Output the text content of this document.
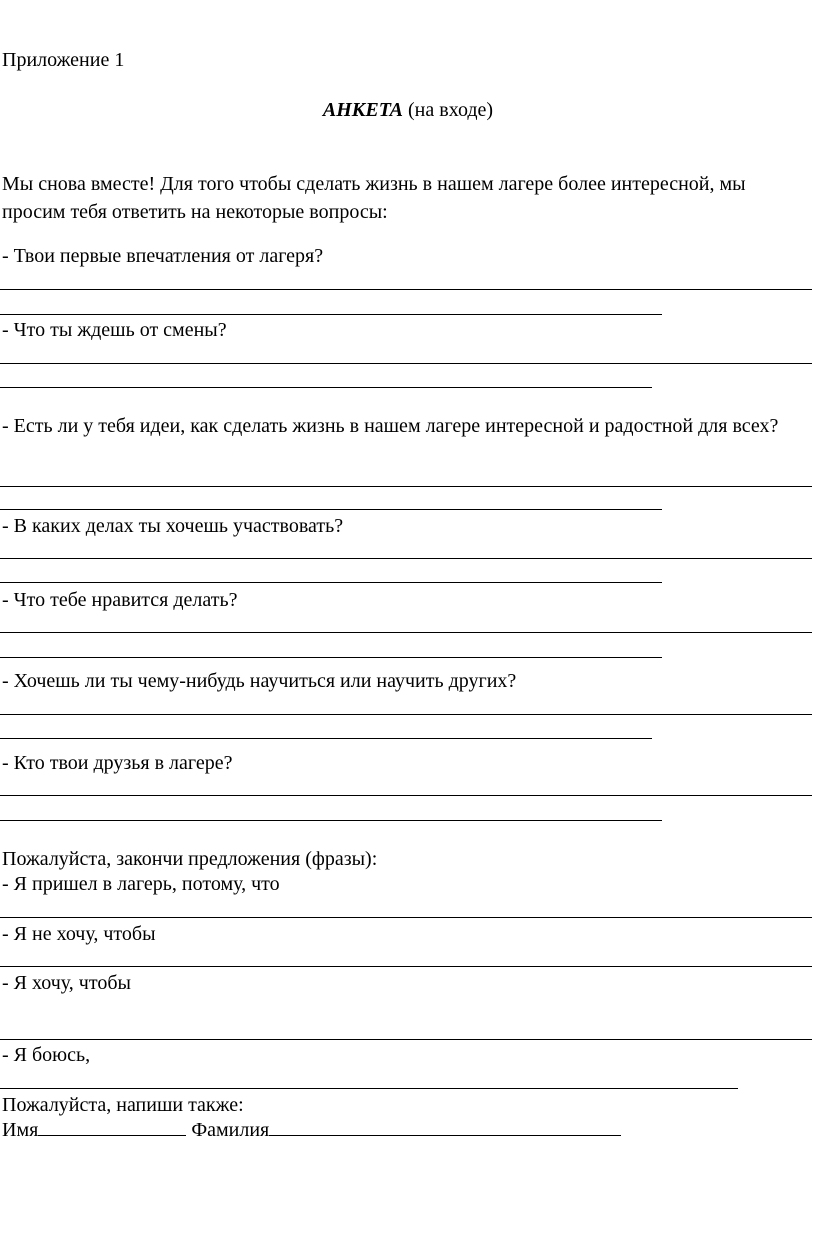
Приложение 1
АНКЕТА (на входе)
Мы снова вместе! Для того чтобы сделать жизнь в нашем лагере более интересной, мы просим тебя ответить на некоторые вопросы:
- Твои первые впечатления от лагеря?
- Что ты ждешь от смены?
- Есть ли у тебя идеи, как сделать жизнь в нашем лагере интересной и радостной для всех?
- В каких делах ты хочешь участвовать?
- Что тебе нравится делать?
- Хочешь ли ты чему-нибудь научиться или научить других?
- Кто твои друзья в лагере?
Пожалуйста, закончи предложения (фразы):
- Я пришел в лагерь, потому, что
- Я не хочу, чтобы
- Я хочу, чтобы
- Я боюсь,
Пожалуйста, напиши также:
Имя	Фамилия
